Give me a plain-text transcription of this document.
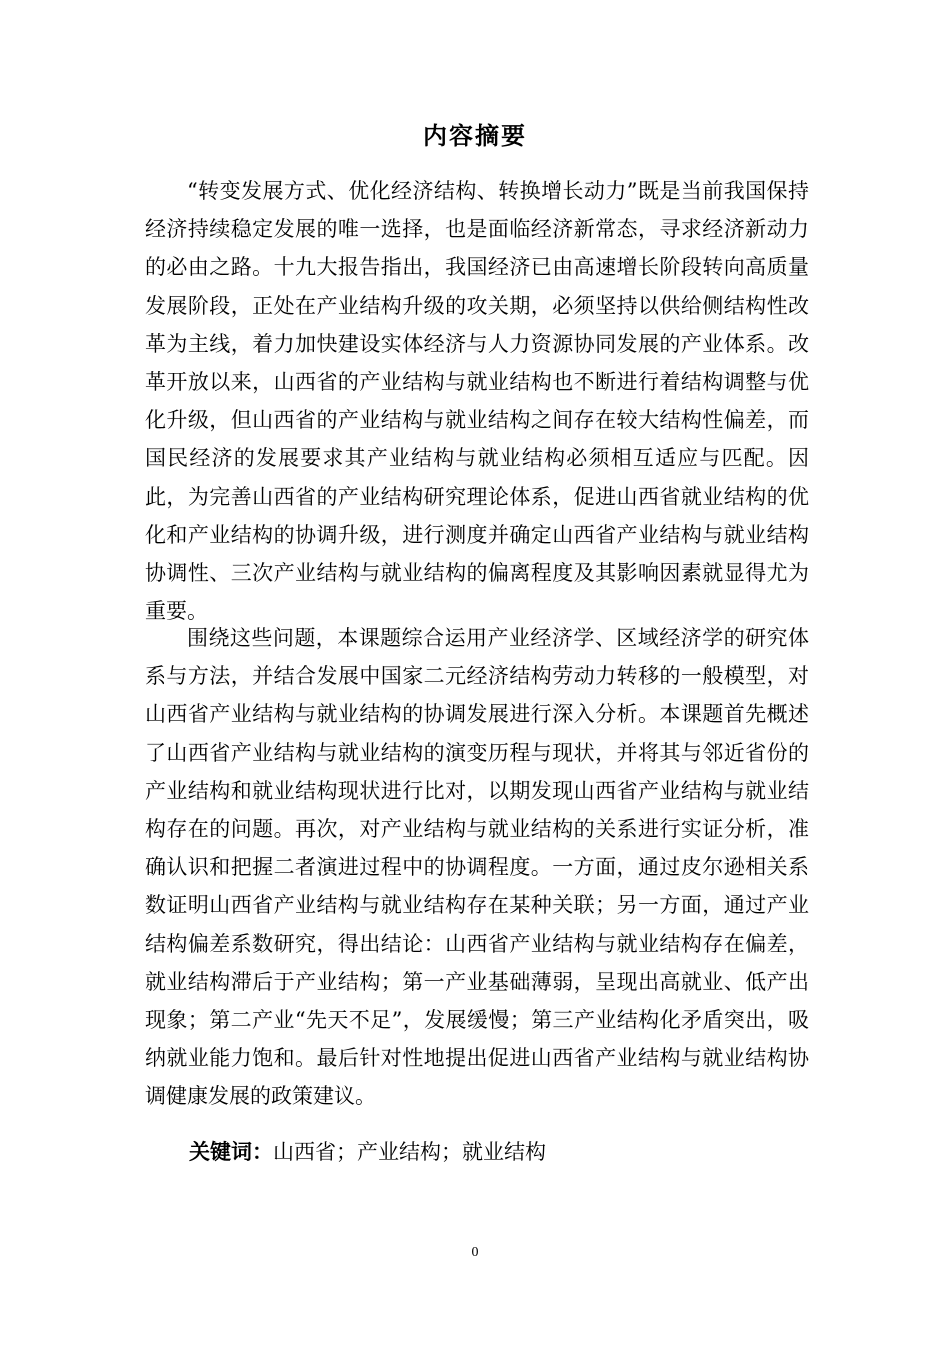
内容摘要

“转变发展方式、优化经济结构、转换增长动力”既是当前我国保持经济持续稳定发展的唯一选择，也是面临经济新常态，寻求经济新动力的必由之路。十九大报告指出，我国经济已由高速增长阶段转向高质量发展阶段，正处在产业结构升级的攻关期，必须坚持以供给侧结构性改革为主线，着力加快建设实体经济与人力资源协同发展的产业体系。改革开放以来，山西省的产业结构与就业结构也不断进行着结构调整与优化升级，但山西省的产业结构与就业结构之间存在较大结构性偏差，而国民经济的发展要求其产业结构与就业结构必须相互适应与匹配。因此，为完善山西省的产业结构研究理论体系，促进山西省就业结构的优化和产业结构的协调升级，进行测度并确定山西省产业结构与就业结构协调性、三次产业结构与就业结构的偏离程度及其影响因素就显得尤为重要。

围绕这些问题，本课题综合运用产业经济学、区域经济学的研究体系与方法，并结合发展中国家二元经济结构劳动力转移的一般模型，对山西省产业结构与就业结构的协调发展进行深入分析。本课题首先概述了山西省产业结构与就业结构的演变历程与现状，并将其与邻近省份的产业结构和就业结构现状进行比对，以期发现山西省产业结构与就业结构存在的问题。再次，对产业结构与就业结构的关系进行实证分析，准确认识和把握二者演进过程中的协调程度。一方面，通过皮尔逊相关系数证明山西省产业结构与就业结构存在某种关联；另一方面，通过产业结构偏差系数研究，得出结论：山西省产业结构与就业结构存在偏差，就业结构滞后于产业结构；第一产业基础薄弱，呈现出高就业、低产出现象；第二产业“先天不足”，发展缓慢；第三产业结构化矛盾突出，吸纳就业能力饱和。最后针对性地提出促进山西省产业结构与就业结构协调健康发展的政策建议。

关键词：山西省；产业结构；就业结构
0
